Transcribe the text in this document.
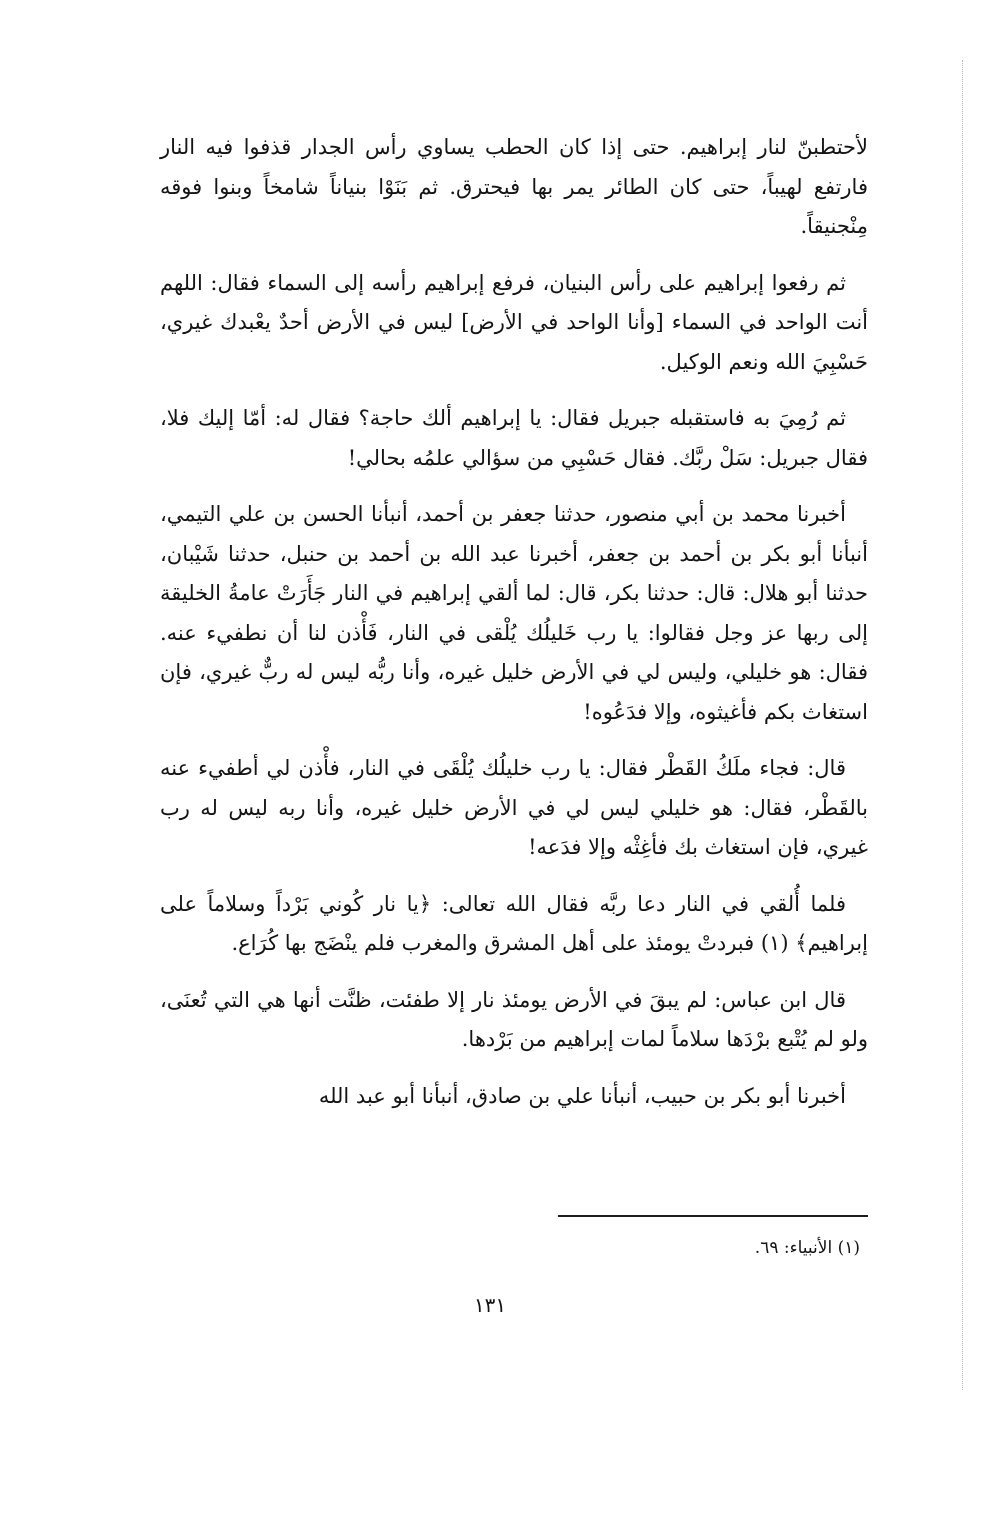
لأحتطبنّ لنار إبراهيم. حتى إذا كان الحطب يساوي رأس الجدار قذفوا فيه النار فارتفع لهيباً، حتى كان الطائر يمر بها فيحترق. ثم بَنَوْا بنياناً شامخاً وبنوا فوقه مِنْجنيقاً.

ثم رفعوا إبراهيم على رأس البنيان، فرفع إبراهيم رأسه إلى السماء فقال: اللهم أنت الواحد في السماء [وأنا الواحد في الأرض] ليس في الأرض أحدٌ يعْبدك غيري، حَسْبِيَ الله ونعم الوكيل.

ثم رُمِيَ به فاستقبله جبريل فقال: يا إبراهيم ألك حاجة؟ فقال له: أمّا إليك فلا، فقال جبريل: سَلْ ربَّك. فقال حَسْبِي من سؤالي علمُه بحالي!

أخبرنا محمد بن أبي منصور، حدثنا جعفر بن أحمد، أنبأنا الحسن بن علي التيمي، أنبأنا أبو بكر بن أحمد بن جعفر، أخبرنا عبد الله بن أحمد بن حنبل، حدثنا شَيْبان، حدثنا أبو هلال: قال: حدثنا بكر، قال: لما ألقي إبراهيم في النار جَأَرَتْ عامةُ الخليقة إلى ربها عز وجل فقالوا: يا رب خَليلُك يُلْقى في النار، فَأْذن لنا أن نطفيء عنه. فقال: هو خليلي، وليس لي في الأرض خليل غيره، وأنا ربُّه ليس له ربٌّ غيري، فإن استغاث بكم فأغيثوه، وإلا فدَعُوه!

قال: فجاء ملَكُ القَطْر فقال: يا رب خليلُك يُلْقَى في النار، فأْذن لي أطفيء عنه بالقَطْر، فقال: هو خليلي ليس لي في الأرض خليل غيره، وأنا ربه ليس له رب غيري، فإن استغاث بك فأغِثْه وإلا فدَعه!

فلما أُلقي في النار دعا ربَّه فقال الله تعالى: ﴿يا نار كُوني بَرْداً وسلاماً على إبراهيم﴾ (١) فبردتْ يومئذ على أهل المشرق والمغرب فلم ينْضَج بها كُرَاع.

قال ابن عباس: لم يبقَ في الأرض يومئذ نار إلا طفئت، ظنَّت أنها هي التي تُعنَى، ولو لم يُتْبع برْدَها سلاماً لمات إبراهيم من بَرْدها.

أخبرنا أبو بكر بن حبيب، أنبأنا علي بن صادق، أنبأنا أبو عبد الله

(١) الأنبياء: ٦٩.

١٣١
